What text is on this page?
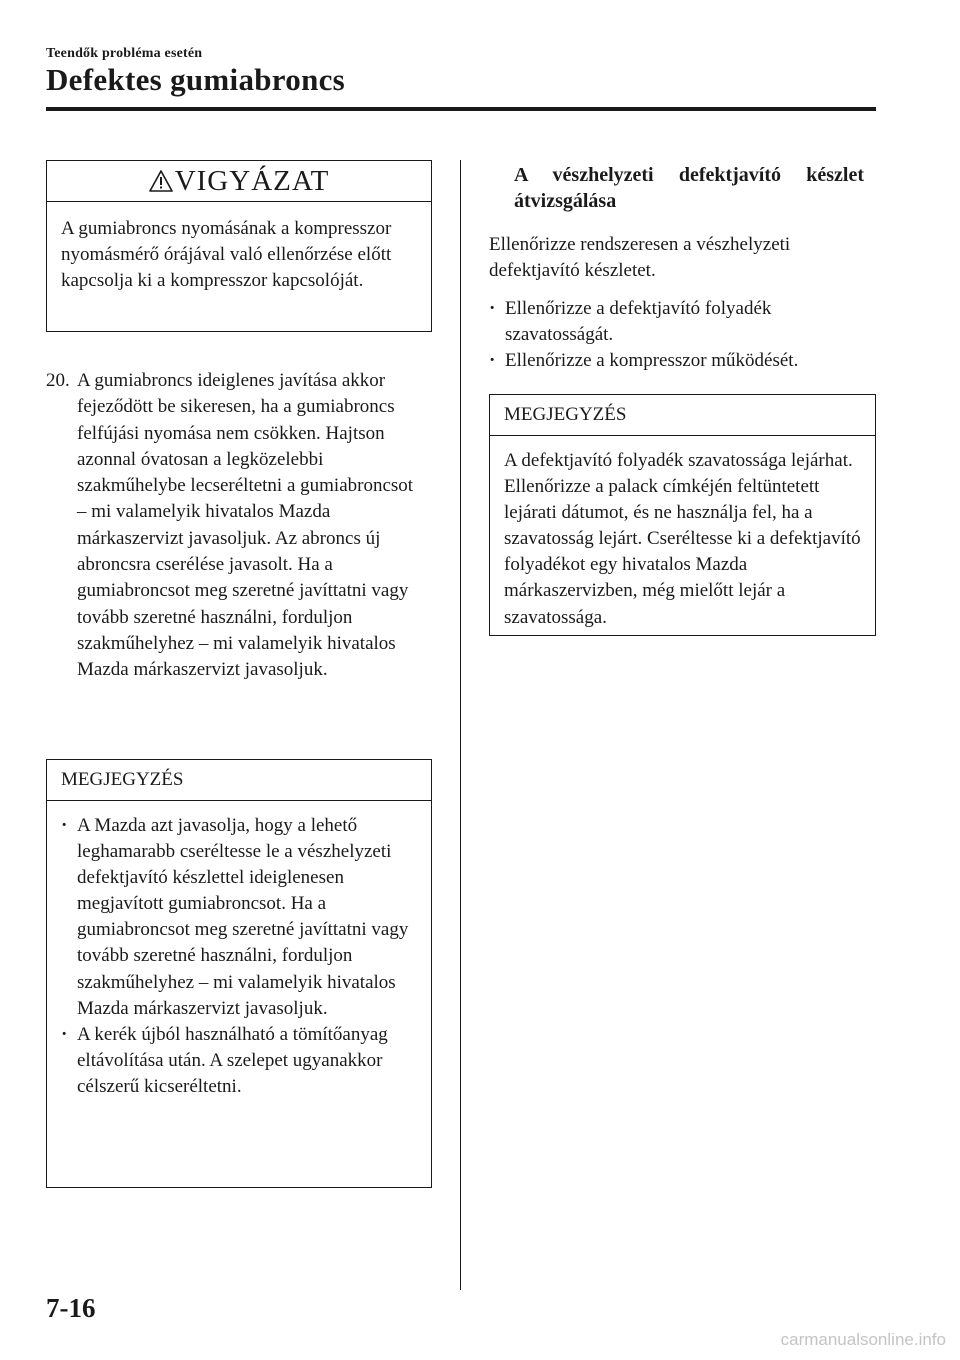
Teendők probléma esetén
Defektes gumiabroncs
VIGYÁZAT
A gumiabroncs nyomásának a kompresszor nyomásmérő órájával való ellenőrzése előtt kapcsolja ki a kompresszor kapcsolóját.
20. A gumiabroncs ideiglenes javítása akkor fejeződött be sikeresen, ha a gumiabroncs felfújási nyomása nem csökken. Hajtson azonnal óvatosan a legközelebbi szakműhelybe lecseréltetni a gumiabroncsot – mi valamelyik hivatalos Mazda márkaszervizt javasoljuk. Az abroncs új abroncsra cserélése javasolt. Ha a gumiabroncsot meg szeretné javíttatni vagy tovább szeretné használni, forduljon szakműhelyhez – mi valamelyik hivatalos Mazda márkaszervizt javasoljuk.
MEGJEGYZÉS
· A Mazda azt javasolja, hogy a lehető leghamarabb cseréltesse le a vészhelyzeti defektjavító készlettel ideiglenesen megjavított gumiabroncsot. Ha a gumiabroncsot meg szeretné javíttatni vagy tovább szeretné használni, forduljon szakműhelyhez – mi valamelyik hivatalos Mazda márkaszervizt javasoljuk.
· A kerék újból használható a tömítőanyag eltávolítása után. A szelepet ugyanakkor célszerű kicseréltetni.
A vészhelyzeti defektjavító készlet átvizsgálása
Ellenőrizze rendszeresen a vészhelyzeti defektjavító készletet.
· Ellenőrizze a defektjavító folyadék szavatosságát.
· Ellenőrizze a kompresszor működését.
MEGJEGYZÉS
A defektjavító folyadék szavatossága lejárhat. Ellenőrizze a palack címkéjén feltüntetett lejárati dátumot, és ne használja fel, ha a szavatosság lejárt. Cseréltesse ki a defektjavító folyadékot egy hivatalos Mazda márkaszervizben, még mielőtt lejár a szavatossága.
7-16
carmanualsonline.info
